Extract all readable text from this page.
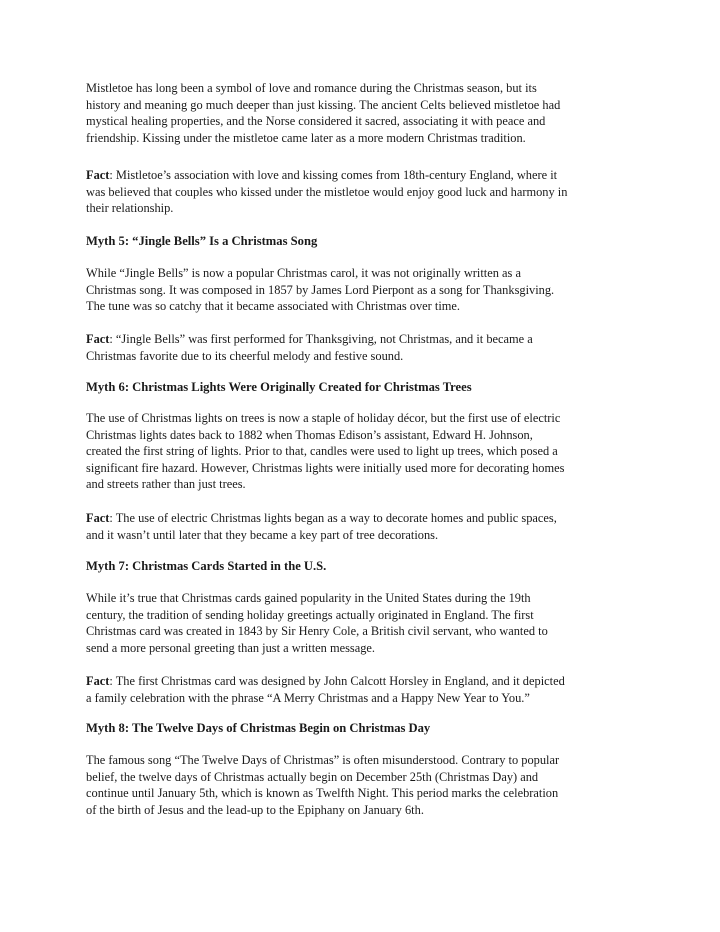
Mistletoe has long been a symbol of love and romance during the Christmas season, but its
history and meaning go much deeper than just kissing. The ancient Celts believed mistletoe had
mystical healing properties, and the Norse considered it sacred, associating it with peace and
friendship. Kissing under the mistletoe came later as a more modern Christmas tradition.

Fact: Mistletoe’s association with love and kissing comes from 18th-century England, where it
was believed that couples who kissed under the mistletoe would enjoy good luck and harmony in
their relationship.

Myth 5: “Jingle Bells” Is a Christmas Song

While “Jingle Bells” is now a popular Christmas carol, it was not originally written as a
Christmas song. It was composed in 1857 by James Lord Pierpont as a song for Thanksgiving.
The tune was so catchy that it became associated with Christmas over time.

Fact: “Jingle Bells” was first performed for Thanksgiving, not Christmas, and it became a
Christmas favorite due to its cheerful melody and festive sound.

Myth 6: Christmas Lights Were Originally Created for Christmas Trees

The use of Christmas lights on trees is now a staple of holiday décor, but the first use of electric
Christmas lights dates back to 1882 when Thomas Edison’s assistant, Edward H. Johnson,
created the first string of lights. Prior to that, candles were used to light up trees, which posed a
significant fire hazard. However, Christmas lights were initially used more for decorating homes
and streets rather than just trees.

Fact: The use of electric Christmas lights began as a way to decorate homes and public spaces,
and it wasn’t until later that they became a key part of tree decorations.

Myth 7: Christmas Cards Started in the U.S.

While it’s true that Christmas cards gained popularity in the United States during the 19th
century, the tradition of sending holiday greetings actually originated in England. The first
Christmas card was created in 1843 by Sir Henry Cole, a British civil servant, who wanted to
send a more personal greeting than just a written message.

Fact: The first Christmas card was designed by John Calcott Horsley in England, and it depicted
a family celebration with the phrase “A Merry Christmas and a Happy New Year to You.”

Myth 8: The Twelve Days of Christmas Begin on Christmas Day

The famous song “The Twelve Days of Christmas” is often misunderstood. Contrary to popular
belief, the twelve days of Christmas actually begin on December 25th (Christmas Day) and
continue until January 5th, which is known as Twelfth Night. This period marks the celebration
of the birth of Jesus and the lead-up to the Epiphany on January 6th.
